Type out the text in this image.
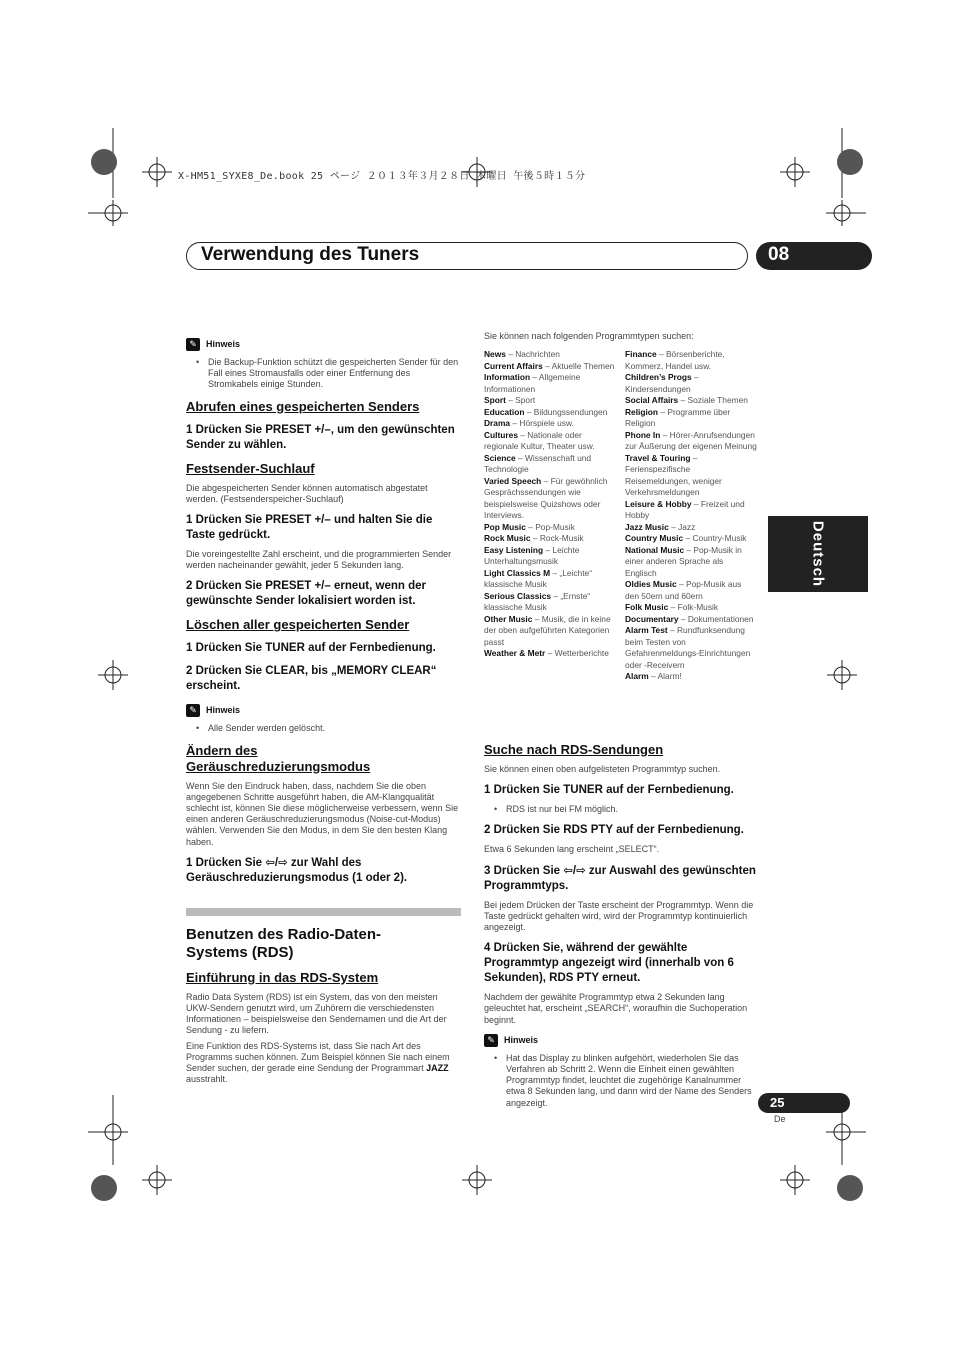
X-HM51_SYXE8_De.book 25 ページ ２０１３年３月２８日 木曜日 午後５時１５分
Verwendung des Tuners	08
Deutsch
✎	Hinweis
• Die Backup-Funktion schützt die gespeicherten Sender für den Fall eines Stromausfalls oder einer Entfernung des Stromkabels einige Stunden.
Abrufen eines gespeicherten Senders
1 Drücken Sie PRESET +/–, um den gewünschten Sender zu wählen.
Festsender-Suchlauf

Die abgespeicherten Sender können automatisch abgestatet werden. (Festsenderspeicher-Suchlauf)

1 Drücken Sie PRESET +/– und halten Sie die Taste gedrückt.

Die voreingestellte Zahl erscheint, und die programmierten Sender werden nacheinander gewählt, jeder 5 Sekunden lang.

2 Drücken Sie PRESET +/– erneut, wenn der gewünschte Sender lokalisiert worden ist.
Löschen aller gespeicherten Sender
1 Drücken Sie TUNER auf der Fernbedienung.
2 Drücken Sie CLEAR, bis „MEMORY CLEAR“ erscheint.
✎	Hinweis
• Alle Sender werden gelöscht.
Ändern des Geräuschreduzierungsmodus

Wenn Sie den Eindruck haben, dass, nachdem Sie die oben angegebenen Schritte ausgeführt haben, die AM-Klangqualität schlecht ist, können Sie diese möglicherweise verbessern, wenn Sie einen anderen Geräuschreduzierungsmodus (Noise-cut-Modus) wählen. Verwenden Sie den Modus, in dem Sie den besten Klang haben.

1 Drücken Sie ⇦/⇨ zur Wahl des Geräuschreduzierungsmodus (1 oder 2).
Benutzen des Radio-Daten-Systems (RDS)
Einführung in das RDS-System

Radio Data System (RDS) ist ein System, das von den meisten UKW-Sendern genutzt wird, um Zuhörern die verschiedensten Informationen – beispielsweise den Sendernamen und die Art der Sendung - zu liefern.

Eine Funktion des RDS-Systems ist, dass Sie nach Art des Programms suchen können. Zum Beispiel können Sie nach einem Sender suchen, der gerade eine Sendung der Programmart JAZZ ausstrahlt.

Sie können nach folgenden Programmtypen suchen:

News – Nachrichten
Current Affairs – Aktuelle Themen
Information – Allgemeine Informationen
Sport – Sport
Education – Bildungssendungen
Drama – Hörspiele usw.
Cultures – Nationale oder regionale Kultur, Theater usw.
Science – Wissenschaft und Technologie
Varied Speech – Für gewöhnlich Gesprächssendungen wie beispielsweise Quizshows oder Interviews.
Pop Music – Pop-Musik
Rock Music – Rock-Musik
Easy Listening – Leichte Unterhaltungsmusik
Light Classics M – „Leichte“ klassische Musik
Serious Classics – „Ernste“ klassische Musik
Other Music – Musik, die in keine der oben aufgeführten Kategorien passt
Weather & Metr – Wetterberichte
Finance – Börsenberichte, Kommerz, Handel usw.
Children’s Progs – Kindersendungen
Social Affairs – Soziale Themen
Religion – Programme über Religion
Phone In – Hörer-Anrufsendungen zur Äußerung der eigenen Meinung
Travel & Touring – Ferienspezifische Reisemeldungen, weniger Verkehrsmeldungen
Leisure & Hobby – Freizeit und Hobby
Jazz Music – Jazz
Country Music – Country-Musik
National Music – Pop-Musik in einer anderen Sprache als Englisch
Oldies Music – Pop-Musik aus den 50ern und 60ern
Folk Music – Folk-Musik
Documentary – Dokumentationen
Alarm Test – Rundfunksendung beim Testen von Gefahrenmeldungs-Einrichtungen oder -Receivern
Alarm – Alarm!
Suche nach RDS-Sendungen

Sie können einen oben aufgelisteten Programmtyp suchen.

1 Drücken Sie TUNER auf der Fernbedienung.
• RDS ist nur bei FM möglich.
2 Drücken Sie RDS PTY auf der Fernbedienung.

Etwa 6 Sekunden lang erscheint „SELECT“.

3 Drücken Sie ⇦/⇨ zur Auswahl des gewünschten Programmtyps.

Bei jedem Drücken der Taste erscheint der Programmtyp. Wenn die Taste gedrückt gehalten wird, wird der Programmtyp kontinuierlich angezeigt.

4 Drücken Sie, während der gewählte Programmtyp angezeigt wird (innerhalb von 6 Sekunden), RDS PTY erneut.

Nachdem der gewählte Programmtyp etwa 2 Sekunden lang geleuchtet hat, erscheint „SEARCH“, woraufhin die Suchoperation beginnt.

✎	Hinweis
• Hat das Display zu blinken aufgehört, wiederholen Sie das Verfahren ab Schritt 2. Wenn die Einheit einen gewählten Programmtyp findet, leuchtet die zugehörige Kanalnummer etwa 8 Sekunden lang, und dann wird der Name des Senders angezeigt.	25
De
